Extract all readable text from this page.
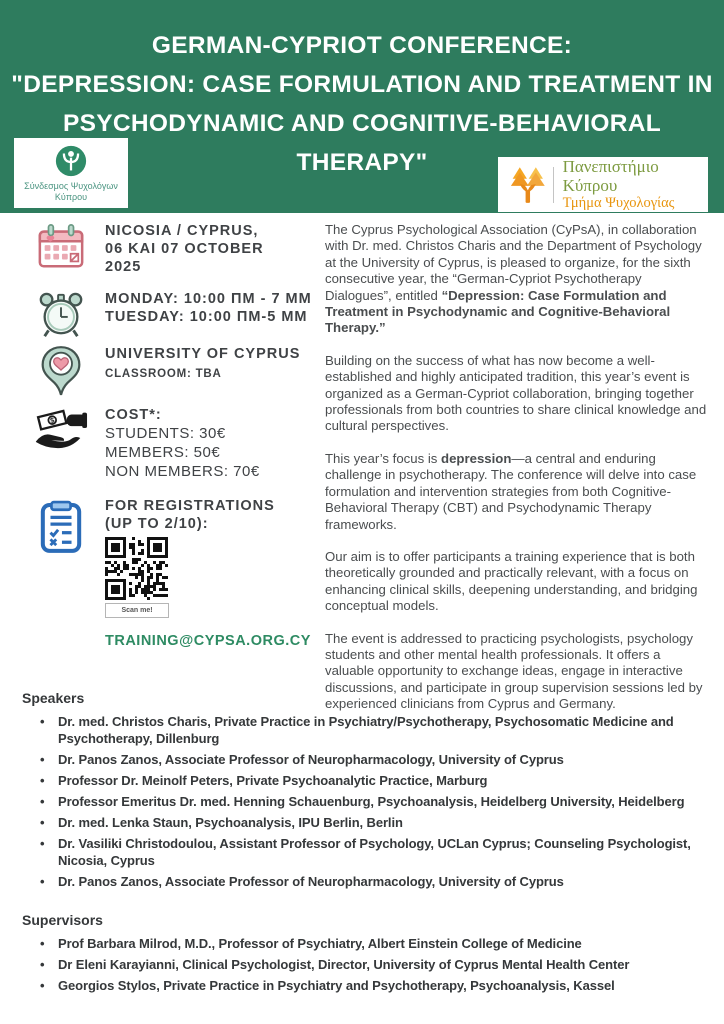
GERMAN-CYPRIOT CONFERENCE:
"DEPRESSION: CASE FORMULATION AND TREATMENT IN
PSYCHODYNAMIC AND COGNITIVE-BEHAVIORAL
THERAPY"
Σύνδεσμος Ψυχολόγων
Κύπρου
Πανεπιστήμιο Κύπρου
Τμήμα Ψυχολογίας
NICOSIA / CYPRUS,
06 KAI 07 OCTOBER
2025
MONDAY: 10:00 ΠΜ - 7 ΜΜ
TUESDAY: 10:00 ΠΜ-5 ΜΜ
UNIVERSITY OF CYPRUS
CLASSROOM: TBA
$	COST*:
STUDENTS: 30€
MEMBERS: 50€
NON MEMBERS: 70€
FOR REGISTRATIONS
(UP TO 2/10):
Scan me!
TRAINING@CYPSA.ORG.CY

The Cyprus Psychological Association (CyPsA), in collaboration with Dr. med. Christos Charis and the Department of Psychology at the University of Cyprus, is pleased to organize, for the sixth consecutive year, the “German-Cypriot Psychotherapy Dialogues”, entitled “Depression: Case Formulation and Treatment in Psychodynamic and Cognitive-Behavioral Therapy.”

Building on the success of what has now become a well-established and highly anticipated tradition, this year’s event is organized as a German-Cypriot collaboration, bringing together professionals from both countries to share clinical knowledge and cultural perspectives.

This year’s focus is depression—a central and enduring challenge in psychotherapy. The conference will delve into case formulation and intervention strategies from both Cognitive-Behavioral Therapy (CBT) and Psychodynamic Therapy frameworks.

Our aim is to offer participants a training experience that is both theoretically grounded and practically relevant, with a focus on enhancing clinical skills, deepening understanding, and bridging conceptual models.

The event is addressed to practicing psychologists, psychology students and other mental health professionals. It offers a valuable opportunity to exchange ideas, engage in interactive discussions, and participate in group supervision sessions led by experienced clinicians from Cyprus and Germany.

Speakers
• Dr. med. Christos Charis, Private Practice in Psychiatry/Psychotherapy, Psychosomatic Medicine and Psychotherapy, Dillenburg
• Dr. Panos Zanos, Associate Professor of Neuropharmacology, University of Cyprus
• Professor Dr. Meinolf Peters, Private Psychoanalytic Practice, Marburg
• Professor Emeritus Dr. med. Henning Schauenburg, Psychoanalysis, Heidelberg University, Heidelberg
• Dr. med. Lenka Staun, Psychoanalysis, IPU Berlin, Berlin
• Dr. Vasiliki Christodoulou, Assistant Professor of Psychology, UCLan Cyprus; Counseling Psychologist, Nicosia, Cyprus
• Dr. Panos Zanos, Associate Professor of Neuropharmacology, University of Cyprus
Supervisors
• Prof Barbara Milrod, M.D., Professor of Psychiatry, Albert Einstein College of Medicine
• Dr Eleni Karayianni, Clinical Psychologist, Director, University of Cyprus Mental Health Center
• Georgios Stylos, Private Practice in Psychiatry and Psychotherapy, Psychoanalysis, Kassel
